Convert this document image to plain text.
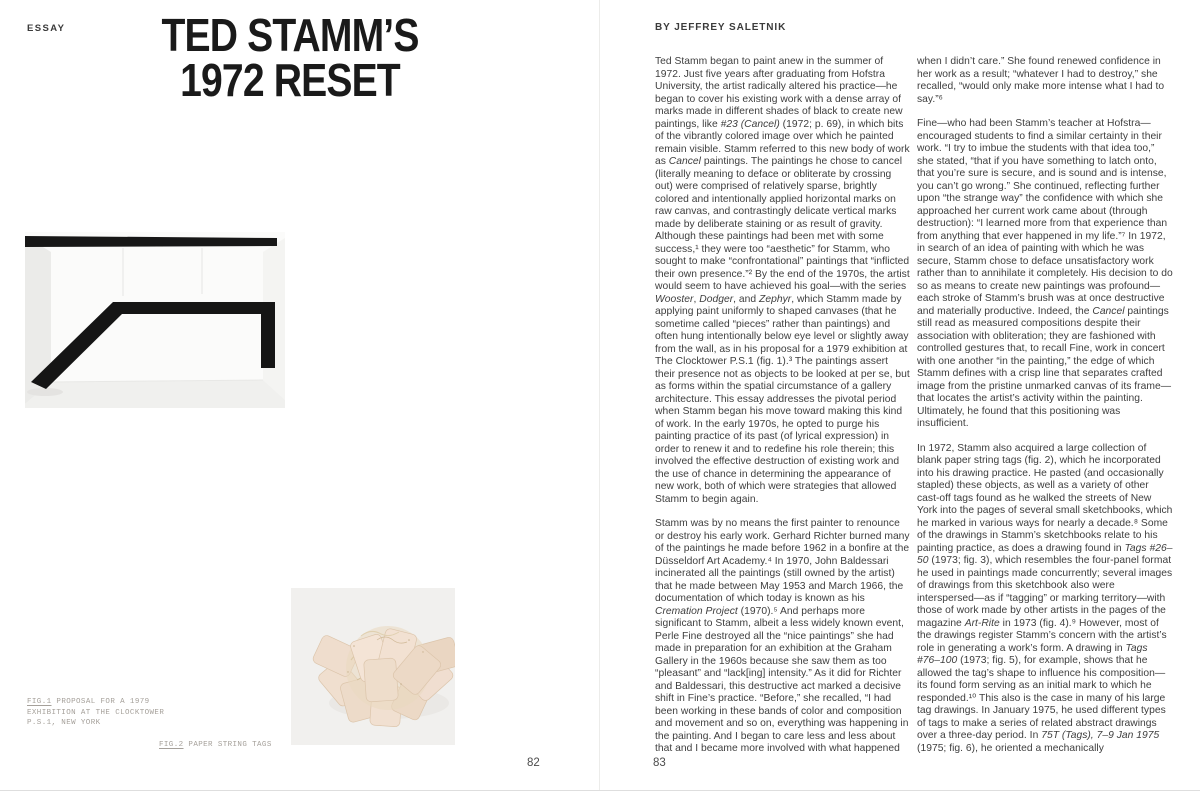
ESSAY	TED STAMM’S
1972 RESET
FIG.1 PROPOSAL FOR A 1979
EXHIBITION AT THE CLOCKTOWER
P.S.1, NEW YORK
FIG.2 PAPER STRING TAGS
82
BY JEFFREY SALETNIK

Ted Stamm began to paint anew in the summer of 1972. Just five years after graduating from Hofstra University, the artist radically altered his practice—he began to cover his existing work with a dense array of marks made in different shades of black to create new paintings, like #23 (Cancel) (1972; p. 69), in which bits of the vibrantly colored image over which he painted remain visible. Stamm referred to this new body of work as Cancel paintings. The paintings he chose to cancel (literally meaning to deface or obliterate by crossing out) were comprised of relatively sparse, brightly colored and intentionally applied horizontal marks on raw canvas, and contrastingly delicate vertical marks made by deliberate staining or as result of gravity. Although these paintings had been met with some success,¹ they were too “aesthetic” for Stamm, who sought to make “confrontational” paintings that “inflicted their own presence.”² By the end of the 1970s, the artist would seem to have achieved his goal—with the series Wooster, Dodger, and Zephyr, which Stamm made by applying paint uniformly to shaped canvases (that he sometime called “pieces” rather than paintings) and often hung intentionally below eye level or slightly away from the wall, as in his proposal for a 1979 exhibition at The Clocktower P.S.1 (fig. 1).³ The paintings assert their presence not as objects to be looked at per se, but as forms within the spatial circumstance of a gallery architecture. This essay addresses the pivotal period when Stamm began his move toward making this kind of work. In the early 1970s, he opted to purge his painting practice of its past (of lyrical expression) in order to renew it and to redefine his role therein; this involved the effective destruction of existing work and the use of chance in determining the appearance of new work, both of which were strategies that allowed Stamm to begin again.

Stamm was by no means the first painter to renounce or destroy his early work. Gerhard Richter burned many of the paintings he made before 1962 in a bonfire at the Düsseldorf Art Academy.⁴ In 1970, John Baldessari incinerated all the paintings (still owned by the artist) that he made between May 1953 and March 1966, the documentation of which today is known as his Cremation Project (1970).⁵ And perhaps more significant to Stamm, albeit a less widely known event, Perle Fine destroyed all the “nice paintings” she had made in preparation for an exhibition at the Graham Gallery in the 1960s because she saw them as too “pleasant” and “lack[ing] intensity.” As it did for Richter and Baldessari, this destructive act marked a decisive shift in Fine’s practice. “Before,” she recalled, “I had been working in these bands of color and composition and movement and so on, everything was happening in the painting. And I began to care less and less about that and I became more involved with what happened

when I didn’t care.” She found renewed confidence in her work as a result; “whatever I had to destroy,” she recalled, “would only make more intense what I had to say.”⁶

Fine—who had been Stamm’s teacher at Hofstra—encouraged students to find a similar certainty in their work. “I try to imbue the students with that idea too,” she stated, “that if you have something to latch onto, that you’re sure is secure, and is sound and is intense, you can’t go wrong.” She continued, reflecting further upon “the strange way” the confidence with which she approached her current work came about (through destruction): “I learned more from that experience than from anything that ever happened in my life.”⁷ In 1972, in search of an idea of painting with which he was secure, Stamm chose to deface unsatisfactory work rather than to annihilate it completely. His decision to do so as means to create new paintings was profound—each stroke of Stamm’s brush was at once destructive and materially productive. Indeed, the Cancel paintings still read as measured compositions despite their association with obliteration; they are fashioned with controlled gestures that, to recall Fine, work in concert with one another “in the painting,” the edge of which Stamm defines with a crisp line that separates crafted image from the pristine unmarked canvas of its frame—that locates the artist’s activity within the painting. Ultimately, he found that this positioning was insufficient.

In 1972, Stamm also acquired a large collection of blank paper string tags (fig. 2), which he incorporated into his drawing practice. He pasted (and occasionally stapled) these objects, as well as a variety of other cast-off tags found as he walked the streets of New York into the pages of several small sketchbooks, which he marked in various ways for nearly a decade.⁸ Some of the drawings in Stamm’s sketchbooks relate to his painting practice, as does a drawing found in Tags #26–50 (1973; fig. 3), which resembles the four-panel format he used in paintings made concurrently; several images of drawings from this sketchbook also were interspersed—as if “tagging” or marking territory—with those of work made by other artists in the pages of the magazine Art-Rite in 1973 (fig. 4).⁹ However, most of the drawings register Stamm’s concern with the artist’s role in generating a work’s form. A drawing in Tags #76–100 (1973; fig. 5), for example, shows that he allowed the tag’s shape to influence his composition—its found form serving as an initial mark to which he responded.¹⁰ This also is the case in many of his large tag drawings. In January 1975, he used different types of tags to make a series of related abstract drawings over a three-day period. In 75T (Tags), 7–9 Jan 1975 (1975; fig. 6), he oriented a mechanically

83
